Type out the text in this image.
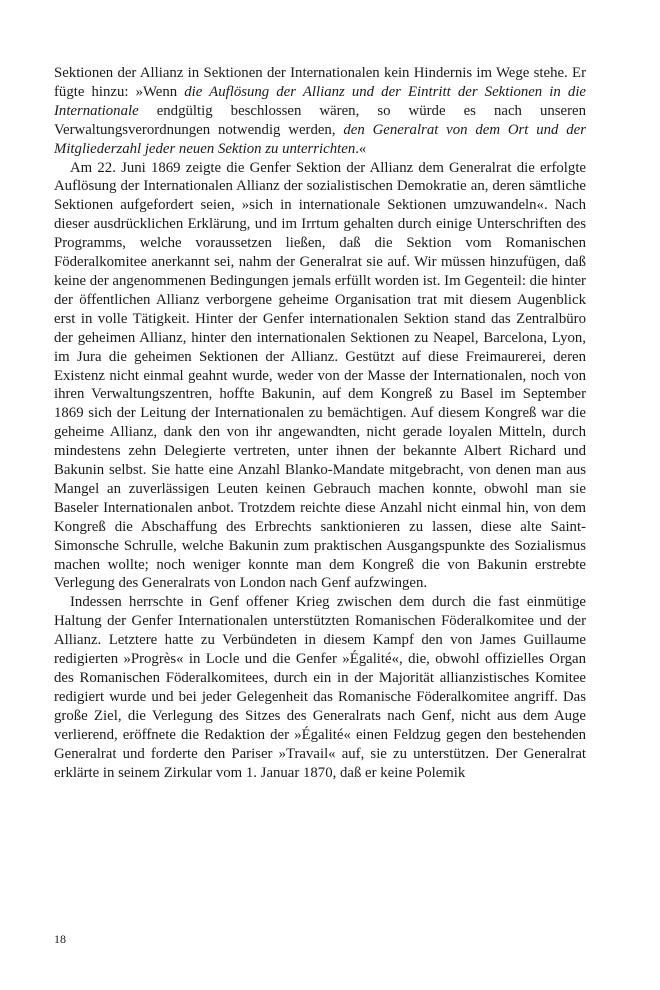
Sektionen der Allianz in Sektionen der Internationalen kein Hindernis im Wege stehe. Er fügte hinzu: »Wenn die Auflösung der Allianz und der Eintritt der Sektionen in die Internationale endgültig beschlossen wären, so würde es nach unseren Verwaltungsverordnungen notwendig werden, den Generalrat von dem Ort und der Mitgliederzahl jeder neuen Sektion zu unterrichten.«

Am 22. Juni 1869 zeigte die Genfer Sektion der Allianz dem Generalrat die erfolgte Auflösung der Internationalen Allianz der sozialistischen Demokratie an, deren sämtliche Sektionen aufgefordert seien, »sich in internationale Sektionen umzuwandeln«. Nach dieser ausdrücklichen Erklärung, und im Irrtum gehalten durch einige Unterschriften des Programms, welche voraussetzen ließen, daß die Sektion vom Romanischen Föderalkomitee anerkannt sei, nahm der Generalrat sie auf. Wir müssen hinzufügen, daß keine der angenommenen Bedingungen jemals erfüllt worden ist. Im Gegenteil: die hinter der öffentlichen Allianz verborgene geheime Organisation trat mit diesem Augenblick erst in volle Tätigkeit. Hinter der Genfer internationalen Sektion stand das Zentralbüro der geheimen Allianz, hinter den internationalen Sektionen zu Neapel, Barcelona, Lyon, im Jura die geheimen Sektionen der Allianz. Gestützt auf diese Freimaurerei, deren Existenz nicht einmal geahnt wurde, weder von der Masse der Internationalen, noch von ihren Verwaltungszentren, hoffte Bakunin, auf dem Kongreß zu Basel im September 1869 sich der Leitung der Internationalen zu bemächtigen. Auf diesem Kongreß war die geheime Allianz, dank den von ihr angewandten, nicht gerade loyalen Mitteln, durch mindestens zehn Delegierte vertreten, unter ihnen der bekannte Albert Richard und Bakunin selbst. Sie hatte eine Anzahl Blanko-Mandate mitgebracht, von denen man aus Mangel an zuverlässigen Leuten keinen Gebrauch machen konnte, obwohl man sie Baseler Internationalen anbot. Trotzdem reichte diese Anzahl nicht einmal hin, von dem Kongreß die Abschaffung des Erbrechts sanktionieren zu lassen, diese alte Saint-Simonsche Schrulle, welche Bakunin zum praktischen Ausgangspunkte des Sozialismus machen wollte; noch weniger konnte man dem Kongreß die von Bakunin erstrebte Verlegung des Generalrats von London nach Genf aufzwingen.

Indessen herrschte in Genf offener Krieg zwischen dem durch die fast einmütige Haltung der Genfer Internationalen unterstützten Romanischen Föderalkomitee und der Allianz. Letztere hatte zu Verbündeten in diesem Kampf den von James Guillaume redigierten »Progrès« in Locle und die Genfer »Égalité«, die, obwohl offizielles Organ des Romanischen Föderalkomitees, durch ein in der Majorität allianzistisches Komitee redigiert wurde und bei jeder Gelegenheit das Romanische Föderalkomitee angriff. Das große Ziel, die Verlegung des Sitzes des Generalrats nach Genf, nicht aus dem Auge verlierend, eröffnete die Redaktion der »Égalité« einen Feldzug gegen den bestehenden Generalrat und forderte den Pariser »Travail« auf, sie zu unterstützen. Der Generalrat erklärte in seinem Zirkular vom 1. Januar 1870, daß er keine Polemik

18
